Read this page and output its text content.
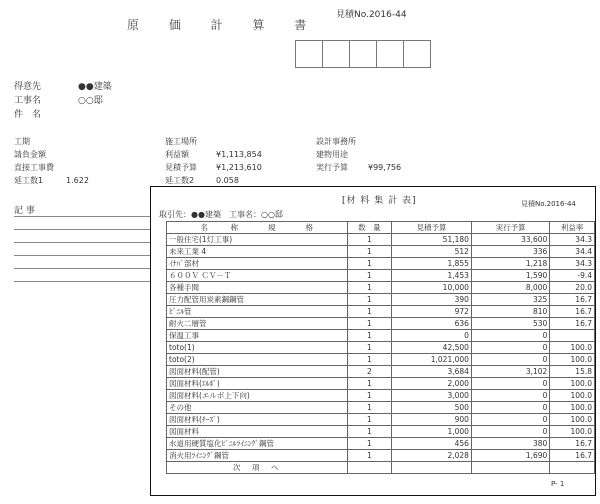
原 価 計 算 書
見積No.2016-44
得意先	●●建築
工事名	○○邸
件　名
工期
請負金額
直接工事費
延工数1	1.622
施工場所
利益額	¥1,113,854
見積予算 ¥1,213,610
延工数2	0.058
設計事務所
建物用途
実行予算	¥99,756
記 事
[材 料 集 計 表]	見積No.2016-44
取引先：●●建築　工事名：○○邸
名　　　称　　　　規　　　　格	数　量	見積予算	実行予算	利益率
一般住宅(1灯工事)	1	51,180	33,600	34.3
未来工業 4	1	512	336	34.4
ｲﾅﾊﾞ部材	1	1,855	1,218	34.3
６００Ｖ ＣＶ－Ｔ	1	1,453	1,590	-9.4
各種手間	1	10,000	8,000	20.0
圧力配管用炭素鋼鋼管	1	390	325	16.7
ﾋﾞﾆﾙ管	1	972	810	16.7
耐火二層管	1	636	530	16.7
保温工事	1	0	0	
toto(1)	1	42,500	0	100.0
toto(2)	1	1,021,000	0	100.0
図面材料(配管)	2	3,684	3,102	15.8
図面材料(ｴﾙﾎﾞ)	1	2,000	0	100.0
図面材料(エルボ上下向)	1	3,000	0	100.0
その他	1	500	0	100.0
図面材料(ﾁｰｽﾞ)	1	900	0	100.0
図面材料	1	1,000	0	100.0
水道用硬質塩化ﾋﾞﾆﾙﾗｲﾆﾝｸﾞ鋼管	1	456	380	16.7
消火用ﾗｲﾆﾝｸﾞ鋼管	1	2,028	1,690	16.7
次　項　へ				
P- 1
